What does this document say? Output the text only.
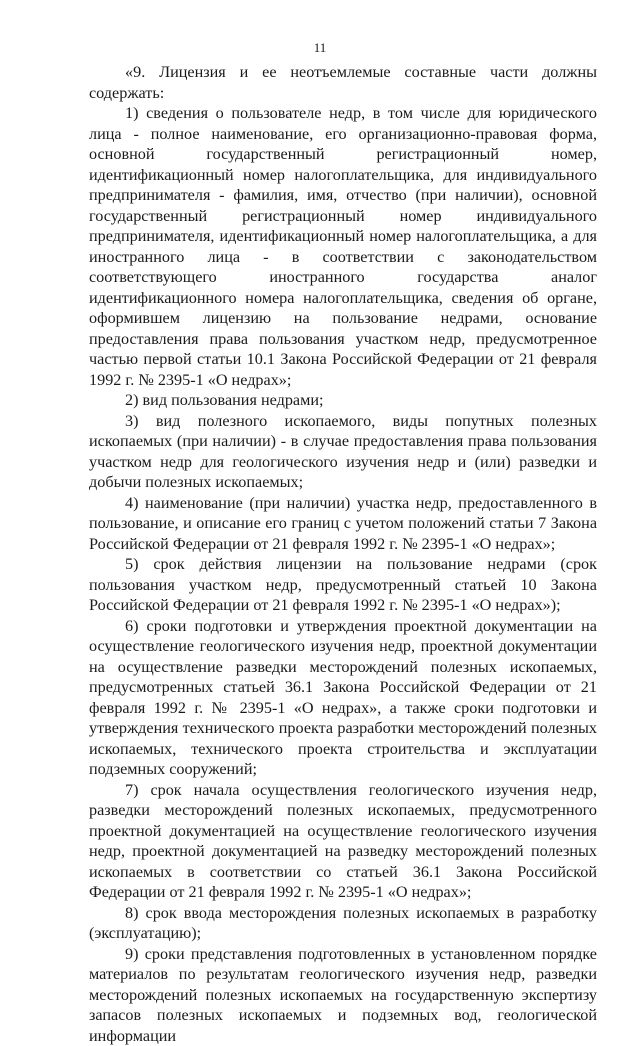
11

«9. Лицензия и ее неотъемлемые составные части должны содержать:

1) сведения о пользователе недр, в том числе для юридического лица - полное наименование, его организационно-правовая форма, основной государственный регистрационный номер, идентификационный номер налогоплательщика, для индивидуального предпринимателя - фамилия, имя, отчество (при наличии), основной государственный регистрационный номер индивидуального предпринимателя, идентификационный номер налогоплательщика, а для иностранного лица - в соответствии с законодательством соответствующего иностранного государства аналог идентификационного номера налогоплательщика, сведения об органе, оформившем лицензию на пользование недрами, основание предоставления права пользования участком недр, предусмотренное частью первой статьи 10.1 Закона Российской Федерации от 21 февраля 1992 г. № 2395-1 «О недрах»;

2) вид пользования недрами;

3) вид полезного ископаемого, виды попутных полезных ископаемых (при наличии) - в случае предоставления права пользования участком недр для геологического изучения недр и (или) разведки и добычи полезных ископаемых;

4) наименование (при наличии) участка недр, предоставленного в пользование, и описание его границ с учетом положений статьи 7 Закона Российской Федерации от 21 февраля 1992 г. № 2395-1 «О недрах»;

5) срок действия лицензии на пользование недрами (срок пользования участком недр, предусмотренный статьей 10 Закона Российской Федерации от 21 февраля 1992 г. № 2395-1 «О недрах»);

6) сроки подготовки и утверждения проектной документации на осуществление геологического изучения недр, проектной документации на осуществление разведки месторождений полезных ископаемых, предусмотренных статьей 36.1 Закона Российской Федерации от 21 февраля 1992 г. № 2395-1 «О недрах», а также сроки подготовки и утверждения технического проекта разработки месторождений полезных ископаемых, технического проекта строительства и эксплуатации подземных сооружений;

7) срок начала осуществления геологического изучения недр, разведки месторождений полезных ископаемых, предусмотренного проектной документацией на осуществление геологического изучения недр, проектной документацией на разведку месторождений полезных ископаемых в соответствии со статьей 36.1 Закона Российской Федерации от 21 февраля 1992 г. № 2395-1 «О недрах»;

8) срок ввода месторождения полезных ископаемых в разработку (эксплуатацию);

9) сроки представления подготовленных в установленном порядке материалов по результатам геологического изучения недр, разведки месторождений полезных ископаемых на государственную экспертизу запасов полезных ископаемых и подземных вод, геологической информации
